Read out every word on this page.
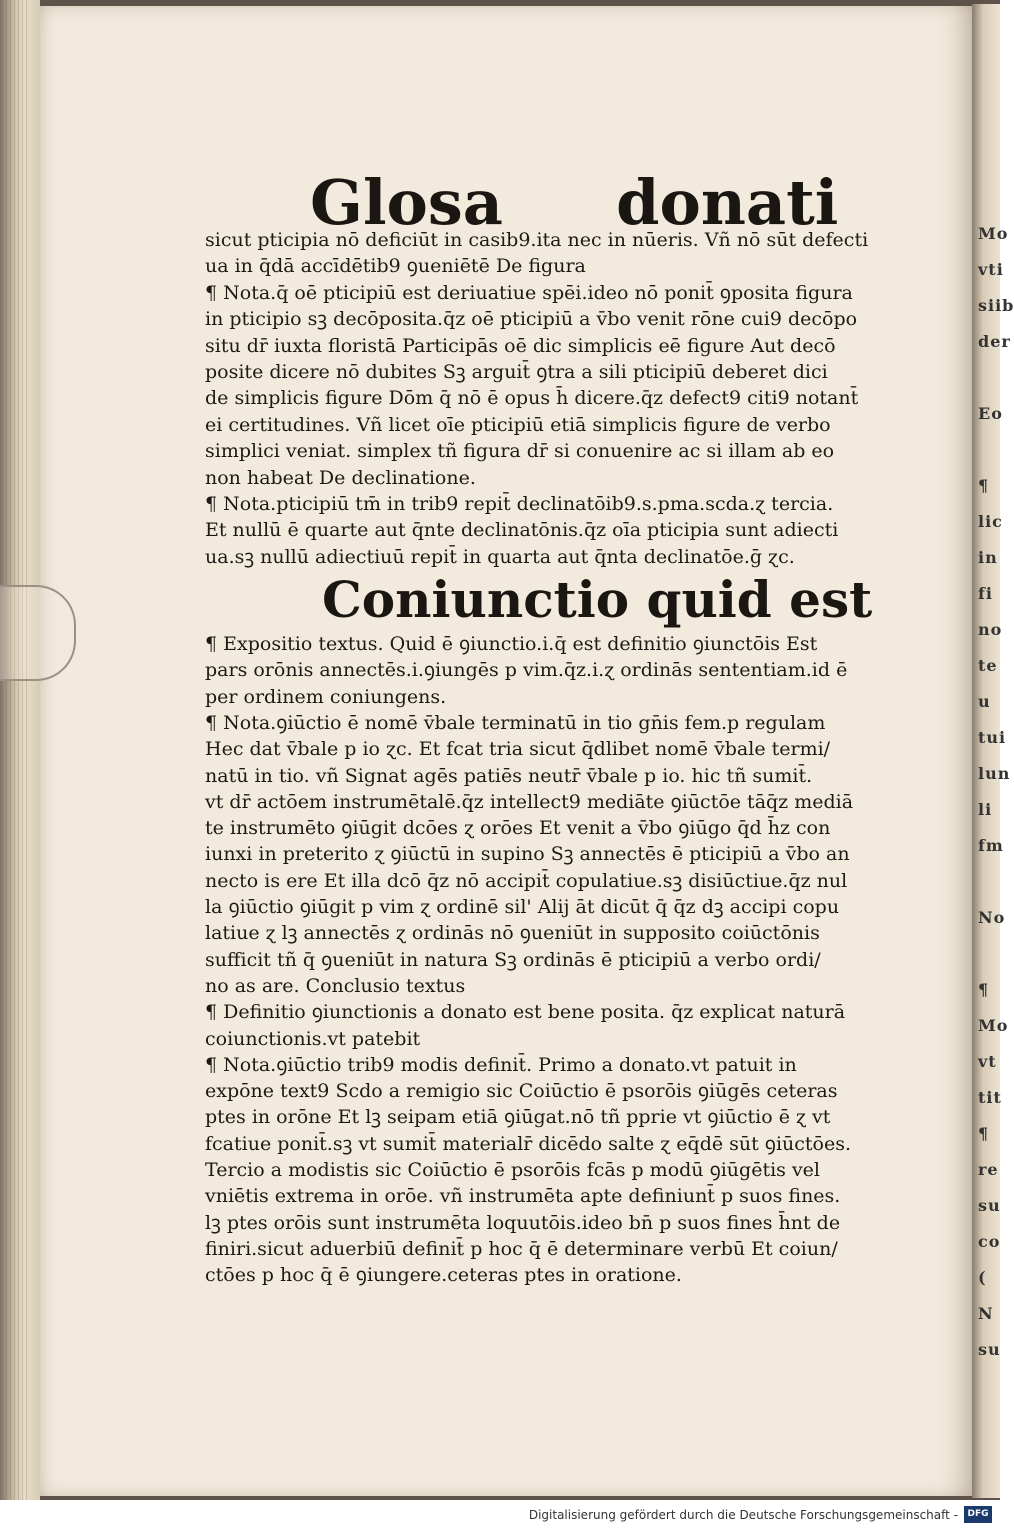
Mo
vti
siib
der
Eo
¶
lic
in
fi
no
te
u
tui
lun
li
fm
No
¶
Mo
vt
tit
¶
re
su
co
(
N
su
Glosa donati
Coniunctio quid est
sicut pticipia nō deficiūt in casib9.ita nec in nūeris. Vñ nō sūt defecti
ua in q̄dā accīdētib9 ꝯueniētē De figura
¶ Nota.q̄ oē pticipiū est deriuatiue spēi.ideo nō ponit̄ ꝯposita figura
in pticipio sꝫ decōposita.q̄z oē pticipiū a v̄bo venit rōne cui9 decōpo
situ dr̄ iuxta floristā Participās oē dic simplicis eē figure Aut decō
posite dicere nō dubites Sꝫ arguit̄ ꝯtra a sili pticipiū deberet dici
de simplicis figure Dōm q̄ nō ē opus h̄ dicere.q̄z defect9 citi9 notant̄
ei certitudines. Vñ licet oīe pticipiū etiā simplicis figure de verbo
simplici veniat. simplex tñ figura dr̄ si conuenire ac si illam ab eo
non habeat De declinatione.
¶ Nota.pticipiū tm̄ in trib9 repit̄ declinatōib9.s.pma.scda.ɀ tercia.
Et nullū ē quarte aut q̄nte declinatōnis.q̄z oīa pticipia sunt adiecti
ua.sꝫ nullū adiectiuū repit̄ in quarta aut q̄nta declinatōe.ḡ ɀc.
¶ Expositio textus. Quid ē ꝯiunctio.i.q̄ est definitio ꝯiunctōis Est
pars orōnis annectēs.i.ꝯiungēs p vim.q̄z.i.ɀ ordinās sententiam.id ē
per ordinem coniungens.
¶ Nota.ꝯiūctio ē nomē v̄bale terminatū in tio gn̄is fem.p regulam
Hec dat v̄bale p io ɀc. Et fcat tria sicut q̄dlibet nomē v̄bale termi/
natū in tio. vñ Signat agēs patiēs neutr̄ v̄bale p io. hic tñ sumit̄.
vt dr̄ actōem instrumētalē.q̄z intellect9 mediāte ꝯiūctōe tāq̄z mediā
te instrumēto ꝯiūgit dcōes ɀ orōes Et venit a v̄bo ꝯiūgo q̄d h̄z con
iunxi in preterito ɀ ꝯiūctū in supino Sꝫ annectēs ē pticipiū a v̄bo an
necto is ere Et illa dcō q̄z nō accipit̄ copulatiue.sꝫ disiūctiue.q̄z nul
la ꝯiūctio ꝯiūgit p vim ɀ ordinē sil' Alij āt dicūt q̄ q̄z dꝫ accipi copu
latiue ɀ lꝫ annectēs ɀ ordinās nō ꝯueniūt in supposito coiūctōnis
sufficit tñ q̄ ꝯueniūt in natura Sꝫ ordinās ē pticipiū a verbo ordi/
no as are. Conclusio textus
¶ Definitio ꝯiunctionis a donato est bene posita. q̄z explicat naturā
coiunctionis.vt patebit
¶ Nota.ꝯiūctio trib9 modis definit̄. Primo a donato.vt patuit in
expōne text9 Scdo a remigio sic Coiūctio ē psorōis ꝯiūgēs ceteras
ptes in orōne Et lꝫ seipam etiā ꝯiūgat.nō tñ pprie vt ꝯiūctio ē ɀ vt
fcatiue ponit̄.sꝫ vt sumit̄ materialr̄ dicēdo salte ɀ eq̄dē sūt ꝯiūctōes.
Tercio a modistis sic Coiūctio ē psorōis fcās p modū ꝯiūgētis vel
vniētis extrema in orōe. vñ instrumēta apte definiunt̄ p suos fines.
lꝫ ptes orōis sunt instrumēta loquutōis.ideo bn̄ p suos fines h̄nt de
finiri.sicut aduerbiū definit̄ p hoc q̄ ē determinare verbū Et coiun/
ctōes p hoc q̄ ē ꝯiungere.ceteras ptes in oratione.
Digitalisierung gefördert durch die Deutsche Forschungsgemeinschaft -	DFG
